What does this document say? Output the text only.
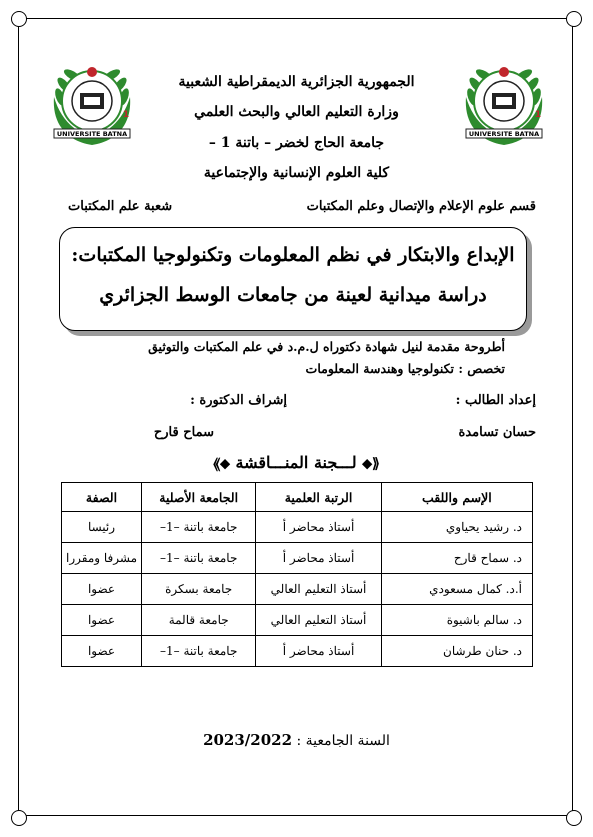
UNIVERSITE BATNA
1
UNIVERSITE BATNA
1
الجمهورية الجزائرية الديمقراطية الشعبية
وزارة التعليم العالي والبحث العلمي
جامعة الحاج لخضر – باتنة 1 –
كلية العلوم الإنسانية والإجتماعية
قسم علوم الإعلام والإتصال وعلم المكتبات
شعبة علم المكتبات
الإبداع والابتكار في نظم المعلومات وتكنولوجيا المكتبات:
دراسة ميدانية لعينة من جامعات الوسط الجزائري
أطروحة مقدمة لنيل شهادة دكتوراه ل.م.د في علم المكتبات والتوثيق
تخصص : تكنولوجيا وهندسة المعلومات
إعداد الطالب :
إشراف الدكتورة :
حسان تسامدة
سماح قارح
⟪⬥ لـــجنة المنـــاقشة ⬥⟫
الإسم واللقب	الرتبة العلمية	الجامعة الأصلية	الصفة
د. رشيد يحياوي	أستاذ محاضر أ	جامعة باتنة –1–	رئيسا
د. سماح قارح	أستاذ محاضر أ	جامعة باتنة –1–	مشرفا ومقررا
أ.د. كمال مسعودي	أستاذ التعليم العالي	جامعة بسكرة	عضوا
د. سالم باشيوة	أستاذ التعليم العالي	جامعة قالمة	عضوا
د. حنان طرشان	أستاذ محاضر أ	جامعة باتنة –1–	عضوا
السنة الجامعية : 2023/2022
